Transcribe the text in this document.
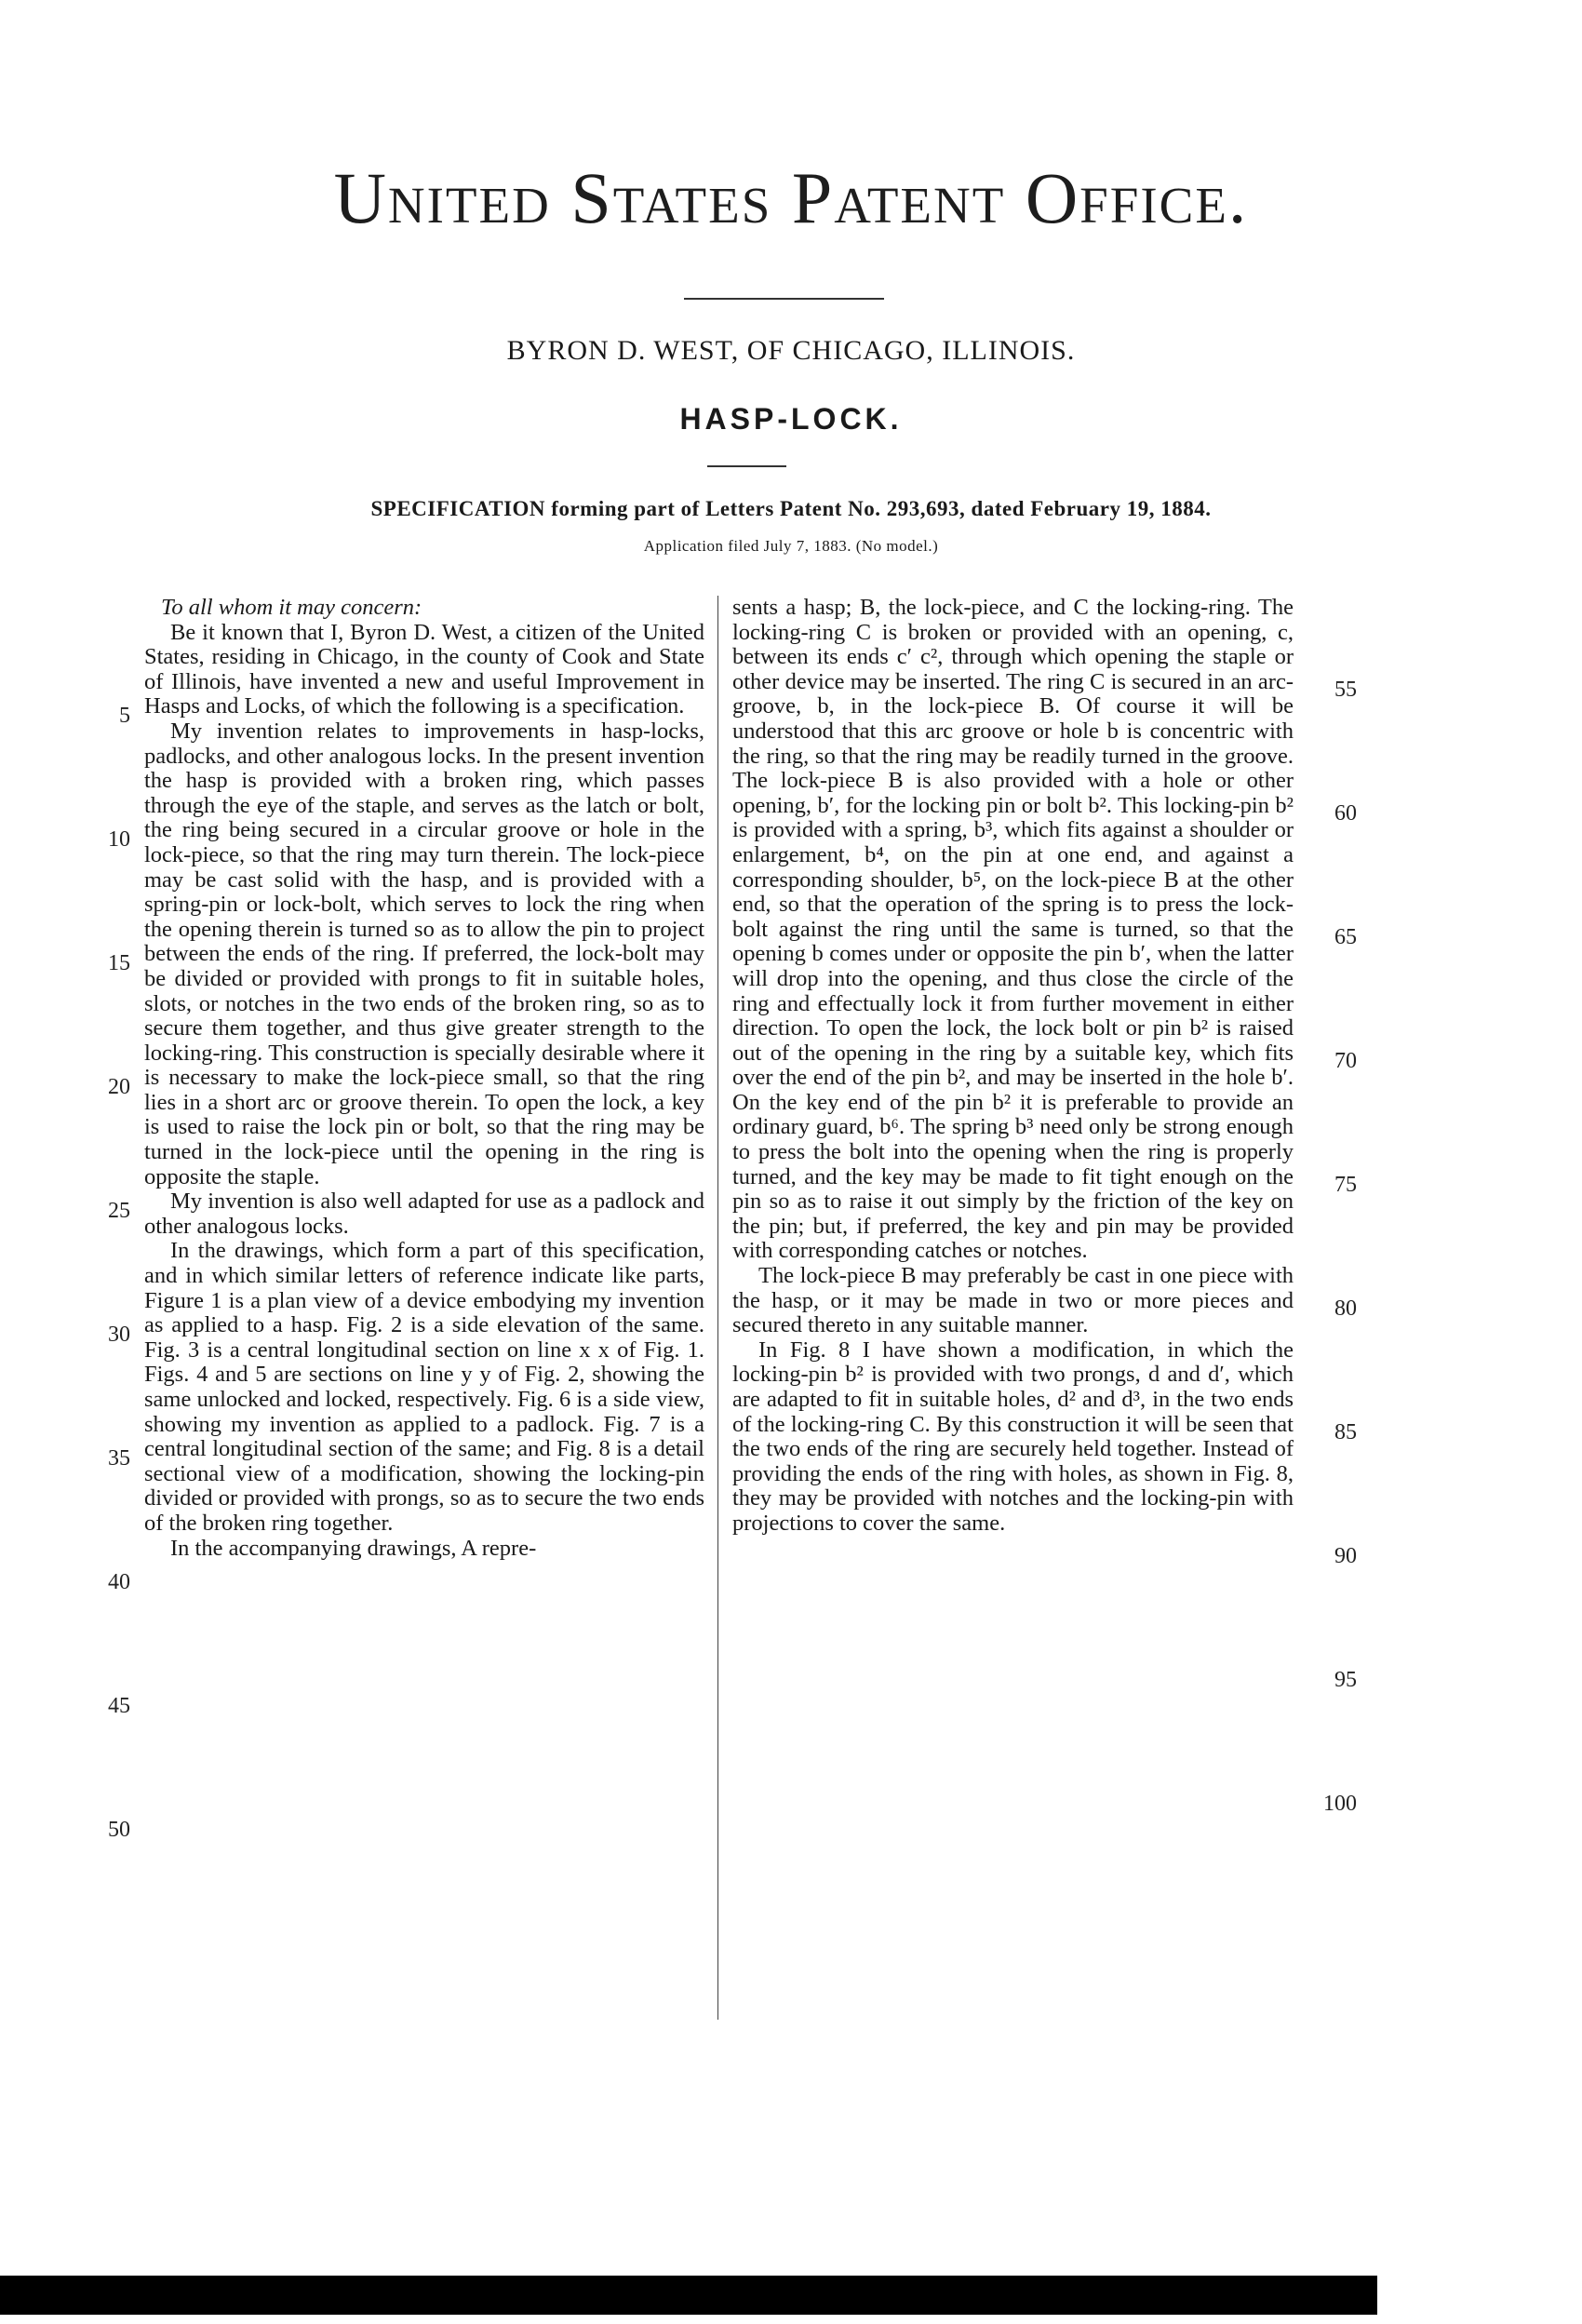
United States Patent Office.
BYRON D. WEST, OF CHICAGO, ILLINOIS.
HASP-LOCK.
SPECIFICATION forming part of Letters Patent No. 293,693, dated February 19, 1884.
Application filed July 7, 1883. (No model.)

To all whom it may concern:

Be it known that I, Byron D. West, a citizen of the United States, residing in Chicago, in the county of Cook and State of Illinois, have invented a new and useful Improvement in Hasps and Locks, of which the following is a specification.

My invention relates to improvements in hasp-locks, padlocks, and other analogous locks. In the present invention the hasp is provided with a broken ring, which passes through the eye of the staple, and serves as the latch or bolt, the ring being secured in a circular groove or hole in the lock-piece, so that the ring may turn therein. The lock-piece may be cast solid with the hasp, and is provided with a spring-pin or lock-bolt, which serves to lock the ring when the opening therein is turned so as to allow the pin to project between the ends of the ring. If preferred, the lock-bolt may be divided or provided with prongs to fit in suitable holes, slots, or notches in the two ends of the broken ring, so as to secure them together, and thus give greater strength to the locking-ring. This construction is specially desirable where it is necessary to make the lock-piece small, so that the ring lies in a short arc or groove therein. To open the lock, a key is used to raise the lock pin or bolt, so that the ring may be turned in the lock-piece until the opening in the ring is opposite the staple.

My invention is also well adapted for use as a padlock and other analogous locks.

In the drawings, which form a part of this specification, and in which similar letters of reference indicate like parts, Figure 1 is a plan view of a device embodying my invention as applied to a hasp. Fig. 2 is a side elevation of the same. Fig. 3 is a central longitudinal section on line x x of Fig. 1. Figs. 4 and 5 are sections on line y y of Fig. 2, showing the same unlocked and locked, respectively. Fig. 6 is a side view, showing my invention as applied to a padlock. Fig. 7 is a central longitudinal section of the same; and Fig. 8 is a detail sectional view of a modification, showing the locking-pin divided or provided with prongs, so as to secure the two ends of the broken ring together.

In the accompanying drawings, A repre-

sents a hasp; B, the lock-piece, and C the locking-ring. The locking-ring C is broken or provided with an opening, c, between its ends c′ c², through which opening the staple or other device may be inserted. The ring C is secured in an arc-groove, b, in the lock-piece B. Of course it will be understood that this arc groove or hole b is concentric with the ring, so that the ring may be readily turned in the groove. The lock-piece B is also provided with a hole or other opening, b′, for the locking pin or bolt b². This locking-pin b² is provided with a spring, b³, which fits against a shoulder or enlargement, b⁴, on the pin at one end, and against a corresponding shoulder, b⁵, on the lock-piece B at the other end, so that the operation of the spring is to press the lock-bolt against the ring until the same is turned, so that the opening b comes under or opposite the pin b′, when the latter will drop into the opening, and thus close the circle of the ring and effectually lock it from further movement in either direction. To open the lock, the lock bolt or pin b² is raised out of the opening in the ring by a suitable key, which fits over the end of the pin b², and may be inserted in the hole b′. On the key end of the pin b² it is preferable to provide an ordinary guard, b⁶. The spring b³ need only be strong enough to press the bolt into the opening when the ring is properly turned, and the key may be made to fit tight enough on the pin so as to raise it out simply by the friction of the key on the pin; but, if preferred, the key and pin may be provided with corresponding catches or notches.

The lock-piece B may preferably be cast in one piece with the hasp, or it may be made in two or more pieces and secured thereto in any suitable manner.

In Fig. 8 I have shown a modification, in which the locking-pin b² is provided with two prongs, d and d′, which are adapted to fit in suitable holes, d² and d³, in the two ends of the locking-ring C. By this construction it will be seen that the two ends of the ring are securely held together. Instead of providing the ends of the ring with holes, as shown in Fig. 8, they may be provided with notches and the locking-pin with projections to cover the same.

5
10
15
20
25
30
35
40
45
50
55
60
65
70
75
80
85
90
95
100
